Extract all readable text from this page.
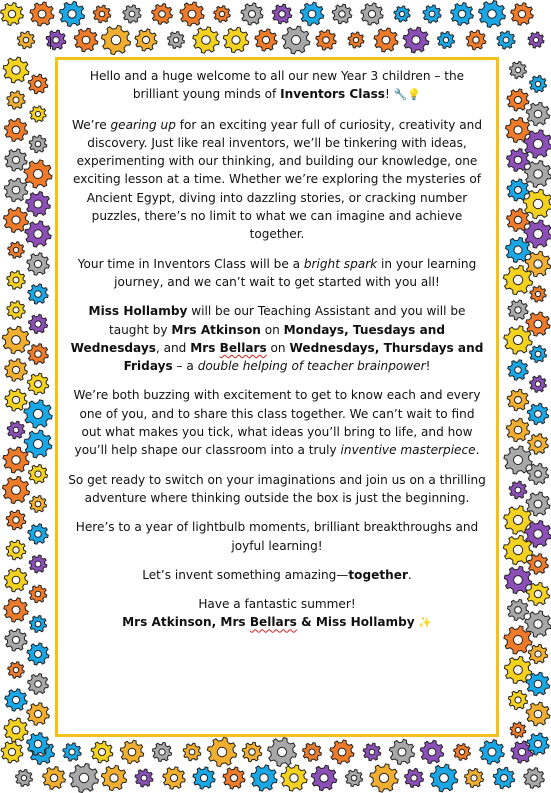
Hello and a huge welcome to all our new Year 3 children – the brilliant young minds of Inventors Class! 🔧💡

We’re gearing up for an exciting year full of curiosity, creativity and discovery. Just like real inventors, we’ll be tinkering with ideas, experimenting with our thinking, and building our knowledge, one exciting lesson at a time. Whether we’re exploring the mysteries of Ancient Egypt, diving into dazzling stories, or cracking number puzzles, there’s no limit to what we can imagine and achieve together.

Your time in Inventors Class will be a bright spark in your learning journey, and we can’t wait to get started with you all!

Miss Hollamby will be our Teaching Assistant and you will be taught by Mrs Atkinson on Mondays, Tuesdays and Wednesdays, and Mrs Bellars on Wednesdays, Thursdays and Fridays – a double helping of teacher brainpower!

We’re both buzzing with excitement to get to know each and every one of you, and to share this class together. We can’t wait to find out what makes you tick, what ideas you’ll bring to life, and how you’ll help shape our classroom into a truly inventive masterpiece.

So get ready to switch on your imaginations and join us on a thrilling adventure where thinking outside the box is just the beginning.

Here’s to a year of lightbulb moments, brilliant breakthroughs and joyful learning!

Let’s invent something amazing—together.

Have a fantastic summer!

Mrs Atkinson, Mrs Bellars & Miss Hollamby ✨
